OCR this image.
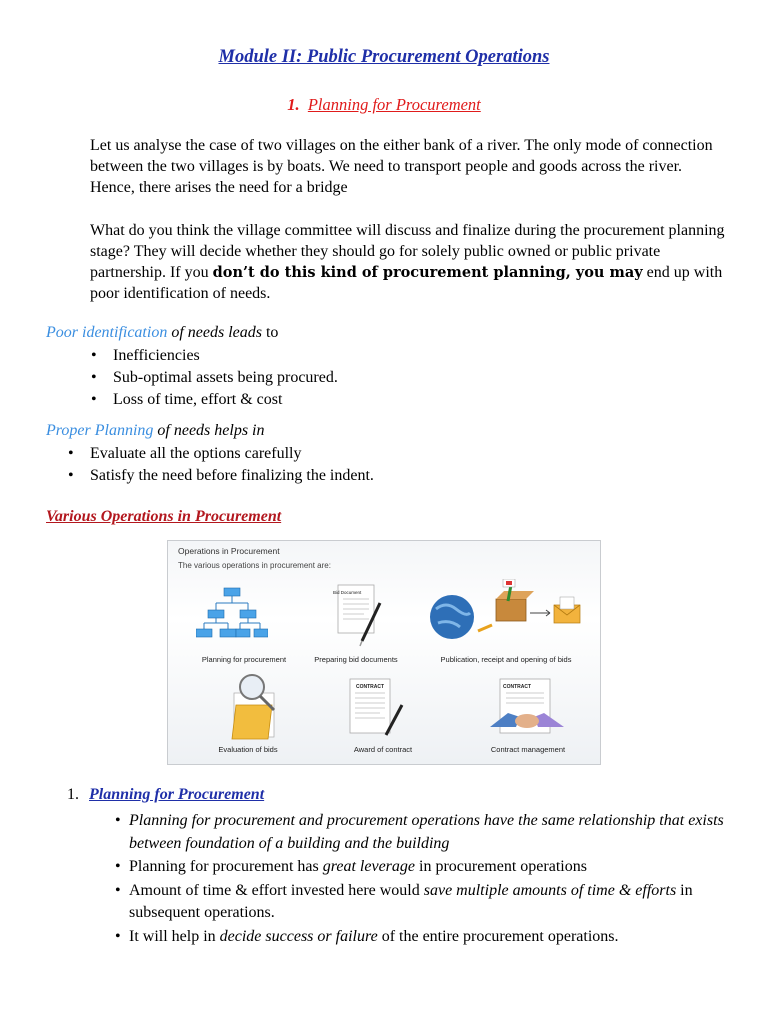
Module II: Public Procurement Operations
1. Planning for Procurement
Let us analyse the case of two villages on the either bank of a river. The only mode of connection between the two villages is by boats. We need to transport people and goods across the river. Hence, there arises the need for a bridge
What do you think the village committee will discuss and finalize during the procurement planning stage? They will decide whether they should go for solely public owned or public private partnership. If you don’t do this kind of procurement planning, you may end up with poor identification of needs.
Poor identification of needs leads to
• Inefficiencies
• Sub-optimal assets being procured.
• Loss of time, effort & cost
Proper Planning of needs helps in
• Evaluate all the options carefully
• Satisfy the need before finalizing the indent.
Various Operations in Procurement
Operations in Procurement
The various operations in procurement are:
Planning for procurement
Bid Document
Preparing bid documents	Publication, receipt and opening of bids
Evaluation of bids
CONTRACT
Award of contract
CONTRACT
Contract management
1. Planning for Procurement
• Planning for procurement and procurement operations have the same relationship that exists between foundation of a building and the building
• Planning for procurement has great leverage in procurement operations
• Amount of time & effort invested here would save multiple amounts of time & efforts in subsequent operations.
• It will help in decide success or failure of the entire procurement operations.
